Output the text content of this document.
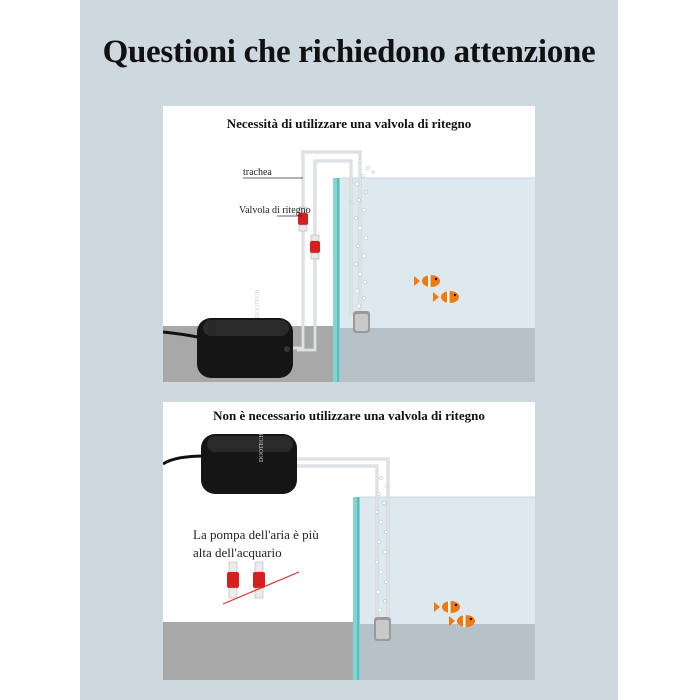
Questioni che richiedono attenzione
Necessità di utilizzare una valvola di ritegno
trachea
Valvola di ritegno
DOOTECH
Non è necessario utilizzare una valvola di ritegno
La pompa dell'aria è più
alta dell'acquario
DOOTECH
